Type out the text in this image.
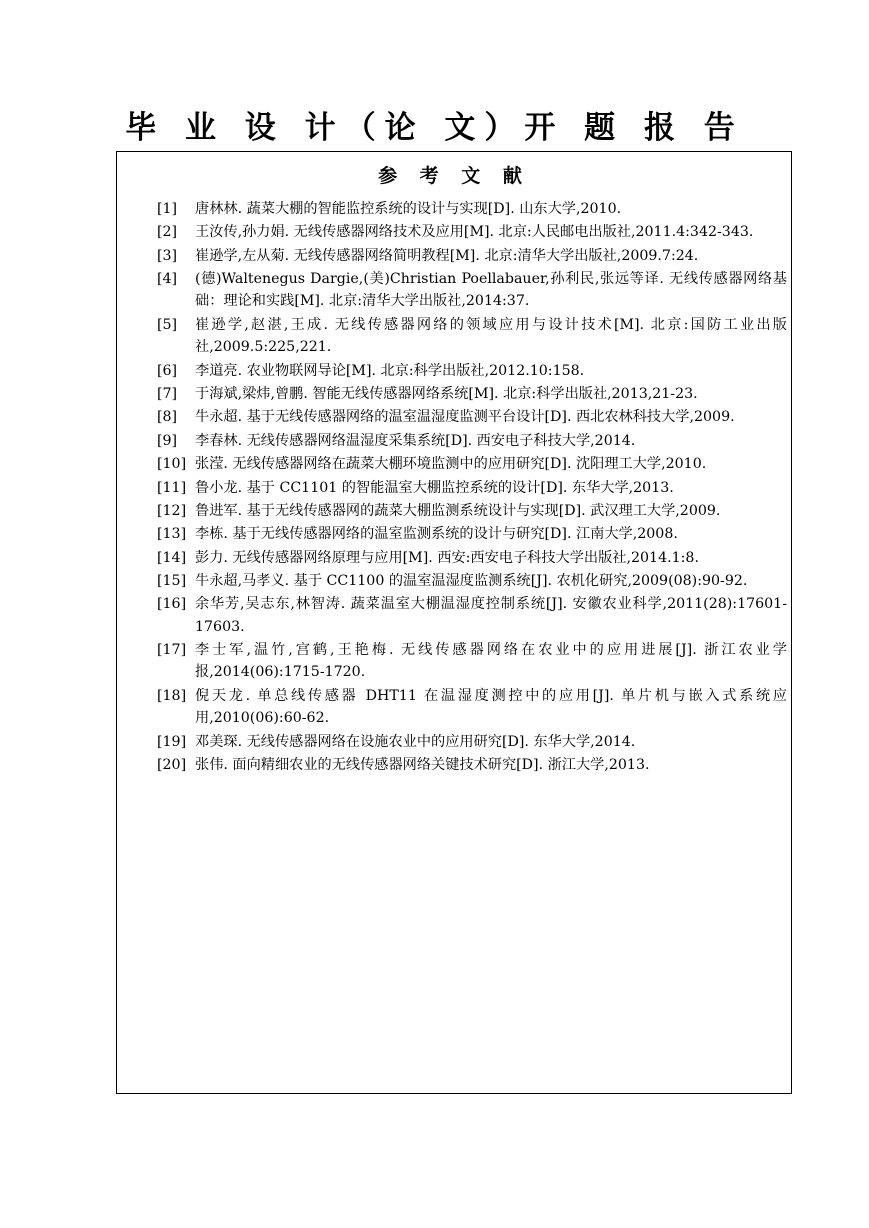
毕 业 设 计（论 文）开 题 报 告
参 考 文 献
[1] 唐林林. 蔬菜大棚的智能监控系统的设计与实现[D]. 山东大学,2010.
[2] 王汝传,孙力娟. 无线传感器网络技术及应用[M]. 北京:人民邮电出版社,2011.4:342-343.
[3] 崔逊学,左从菊. 无线传感器网络简明教程[M]. 北京:清华大学出版社,2009.7:24.
[4] (德)Waltenegus Dargie,(美)Christian Poellabauer,孙利民,张远等译. 无线传感器网络基础：理论和实践[M]. 北京:清华大学出版社,2014:37.
[5] 崔逊学,赵湛,王成. 无线传感器网络的领域应用与设计技术[M]. 北京:国防工业出版社,2009.5:225,221.
[6] 李道亮. 农业物联网导论[M]. 北京:科学出版社,2012.10:158.
[7] 于海斌,梁炜,曾鹏. 智能无线传感器网络系统[M]. 北京:科学出版社,2013,21-23.
[8] 牛永超. 基于无线传感器网络的温室温湿度监测平台设计[D]. 西北农林科技大学,2009.
[9] 李春林. 无线传感器网络温湿度采集系统[D]. 西安电子科技大学,2014.
[10] 张滢. 无线传感器网络在蔬菜大棚环境监测中的应用研究[D]. 沈阳理工大学,2010.
[11] 鲁小龙. 基于 CC1101 的智能温室大棚监控系统的设计[D]. 东华大学,2013.
[12] 鲁进军. 基于无线传感器网的蔬菜大棚监测系统设计与实现[D]. 武汉理工大学,2009.
[13] 李栋. 基于无线传感器网络的温室监测系统的设计与研究[D]. 江南大学,2008.
[14] 彭力. 无线传感器网络原理与应用[M]. 西安:西安电子科技大学出版社,2014.1:8.
[15] 牛永超,马孝义. 基于 CC1100 的温室温湿度监测系统[J]. 农机化研究,2009(08):90-92.
[16] 余华芳,吴志东,林智涛. 蔬菜温室大棚温湿度控制系统[J]. 安徽农业科学,2011(28):17601-17603.
[17] 李士军,温竹,宫鹤,王艳梅. 无线传感器网络在农业中的应用进展[J]. 浙江农业学报,2014(06):1715-1720.
[18] 倪天龙. 单总线传感器 DHT11 在温湿度测控中的应用[J]. 单片机与嵌入式系统应用,2010(06):60-62.
[19] 邓美琛. 无线传感器网络在设施农业中的应用研究[D]. 东华大学,2014.
[20] 张伟. 面向精细农业的无线传感器网络关键技术研究[D]. 浙江大学,2013.
